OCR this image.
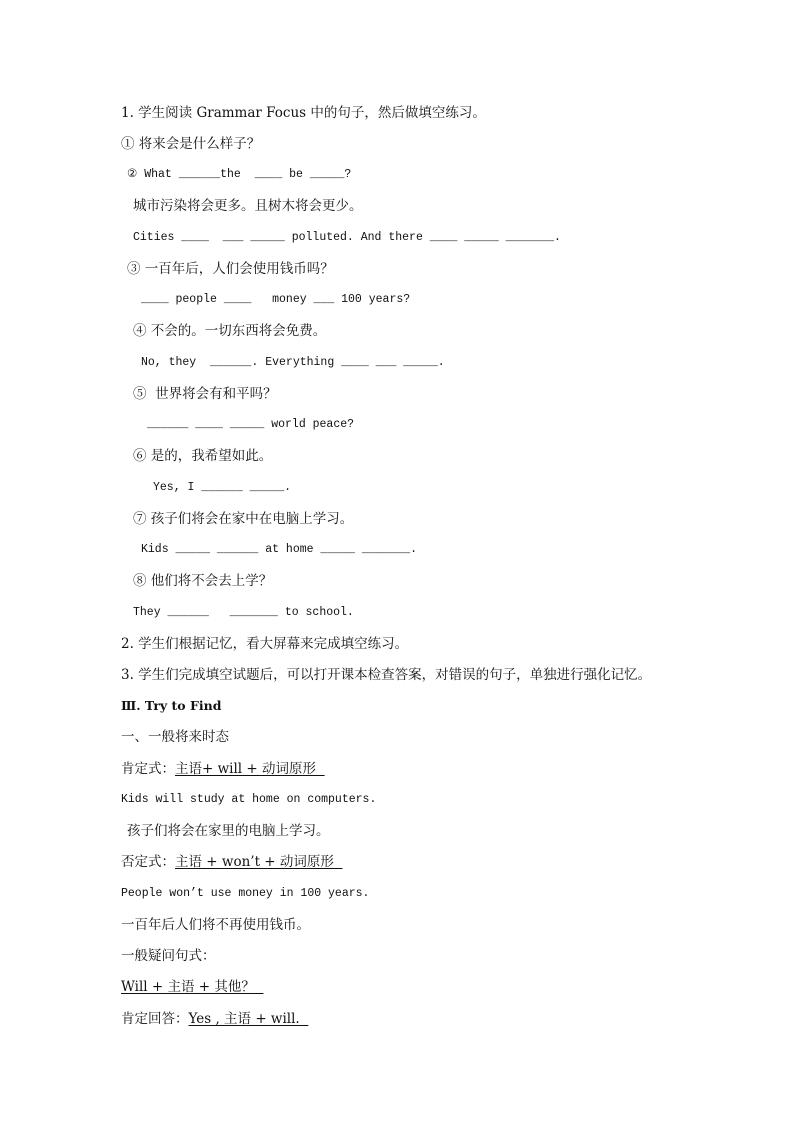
1. 学生阅读 Grammar Focus 中的句子，然后做填空练习。
① 将来会是什么样子？
② What ______the  ____ be _____?
城市污染将会更多。且树木将会更少。
Cities ____  ___ _____ polluted. And there ____ _____ _______.
③ 一百年后，人们会使用钱币吗？
____ people ____   money ___ 100 years?
④ 不会的。一切东西将会免费。
No, they  ______. Everything ____ ___ _____.
⑤  世界将会有和平吗？
______ ____ _____ world peace?
⑥ 是的，我希望如此。
Yes, I ______ _____.
⑦ 孩子们将会在家中在电脑上学习。
Kids _____ ______ at home _____ _______.
⑧ 他们将不会去上学？
They ______   _______ to school.
2. 学生们根据记忆，看大屏幕来完成填空练习。
3. 学生们完成填空试题后，可以打开课本检查答案，对错误的句子，单独进行强化记忆。
Ⅲ. Try to Find
一、一般将来时态
肯定式：主语+ will + 动词原形
Kids will study at home on computers.
孩子们将会在家里的电脑上学习。
否定式：主语 + won’t + 动词原形
People won’t use money in 100 years.
一百年后人们将不再使用钱币。
一般疑问句式：
Will + 主语 + 其他？
肯定回答：Yes , 主语 + will.
